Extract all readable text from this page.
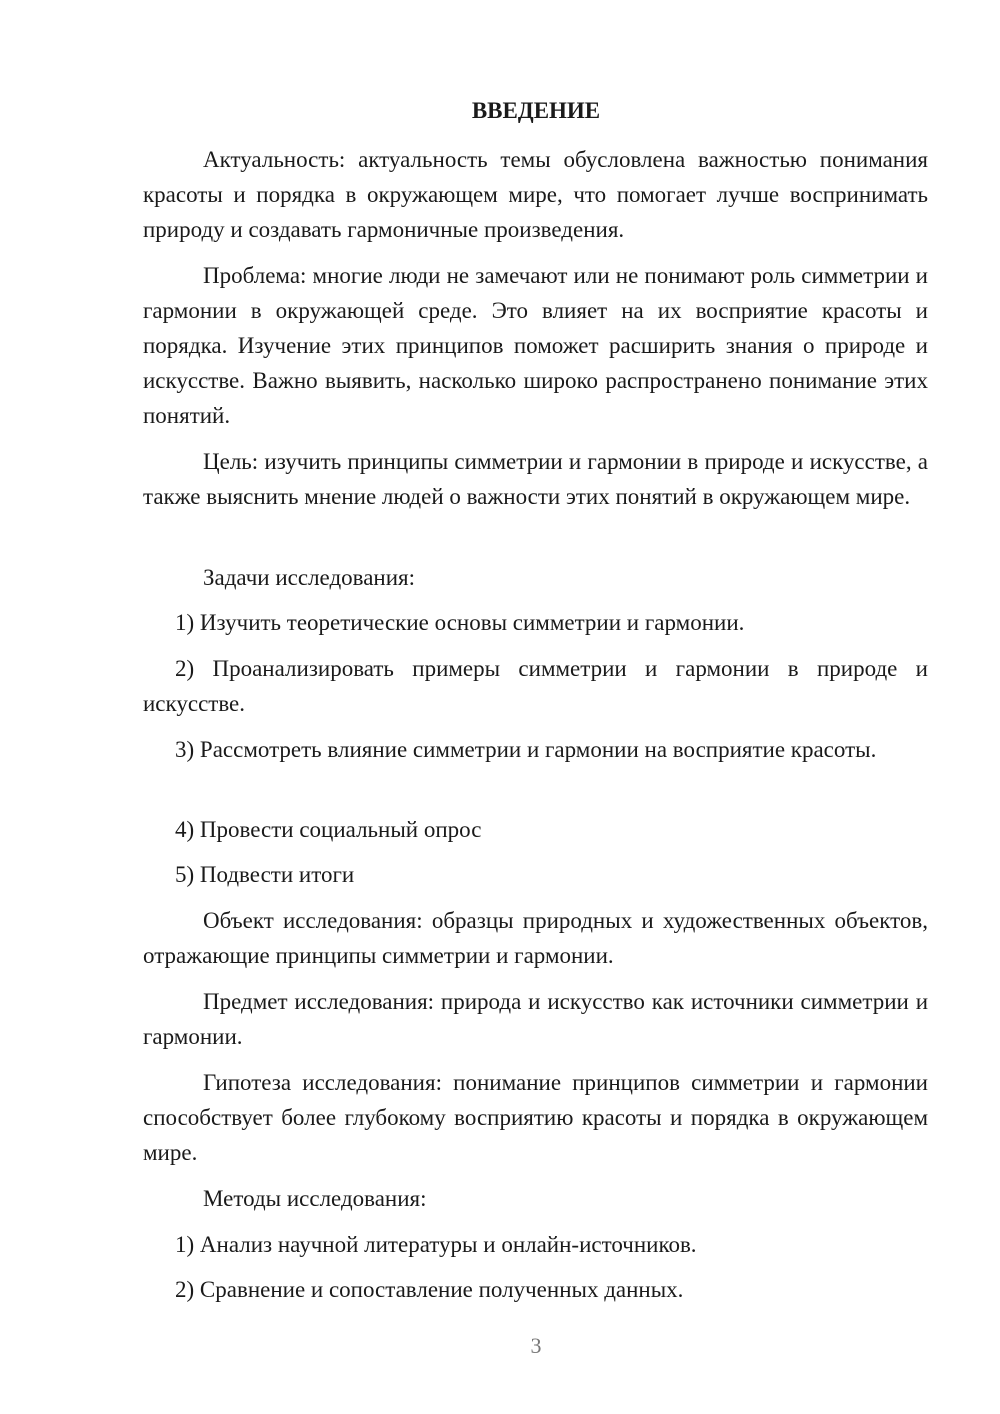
ВВЕДЕНИЕ

Актуальность: актуальность темы обусловлена важностью понимания красоты и порядка в окружающем мире, что помогает лучше воспринимать природу и создавать гармоничные произведения.

Проблема: многие люди не замечают или не понимают роль симметрии и гармонии в окружающей среде. Это влияет на их восприятие красоты и порядка. Изучение этих принципов поможет расширить знания о природе и искусстве. Важно выявить, насколько широко распространено понимание этих понятий.

Цель: изучить принципы симметрии и гармонии в природе и искусстве, а также выяснить мнение людей о важности этих понятий в окружающем мире.

Задачи исследования:

1) Изучить теоретические основы симметрии и гармонии.

2) Проанализировать примеры симметрии и гармонии в природе и искусстве.

3) Рассмотреть влияние симметрии и гармонии на восприятие красоты.

4) Провести социальный опрос

5) Подвести итоги

Объект исследования: образцы природных и художественных объектов, отражающие принципы симметрии и гармонии.

Предмет исследования: природа и искусство как источники симметрии и гармонии.

Гипотеза исследования: понимание принципов симметрии и гармонии способствует более глубокому восприятию красоты и порядка в окружающем мире.

Методы исследования:

1) Анализ научной литературы и онлайн-источников.

2) Сравнение и сопоставление полученных данных.

3
